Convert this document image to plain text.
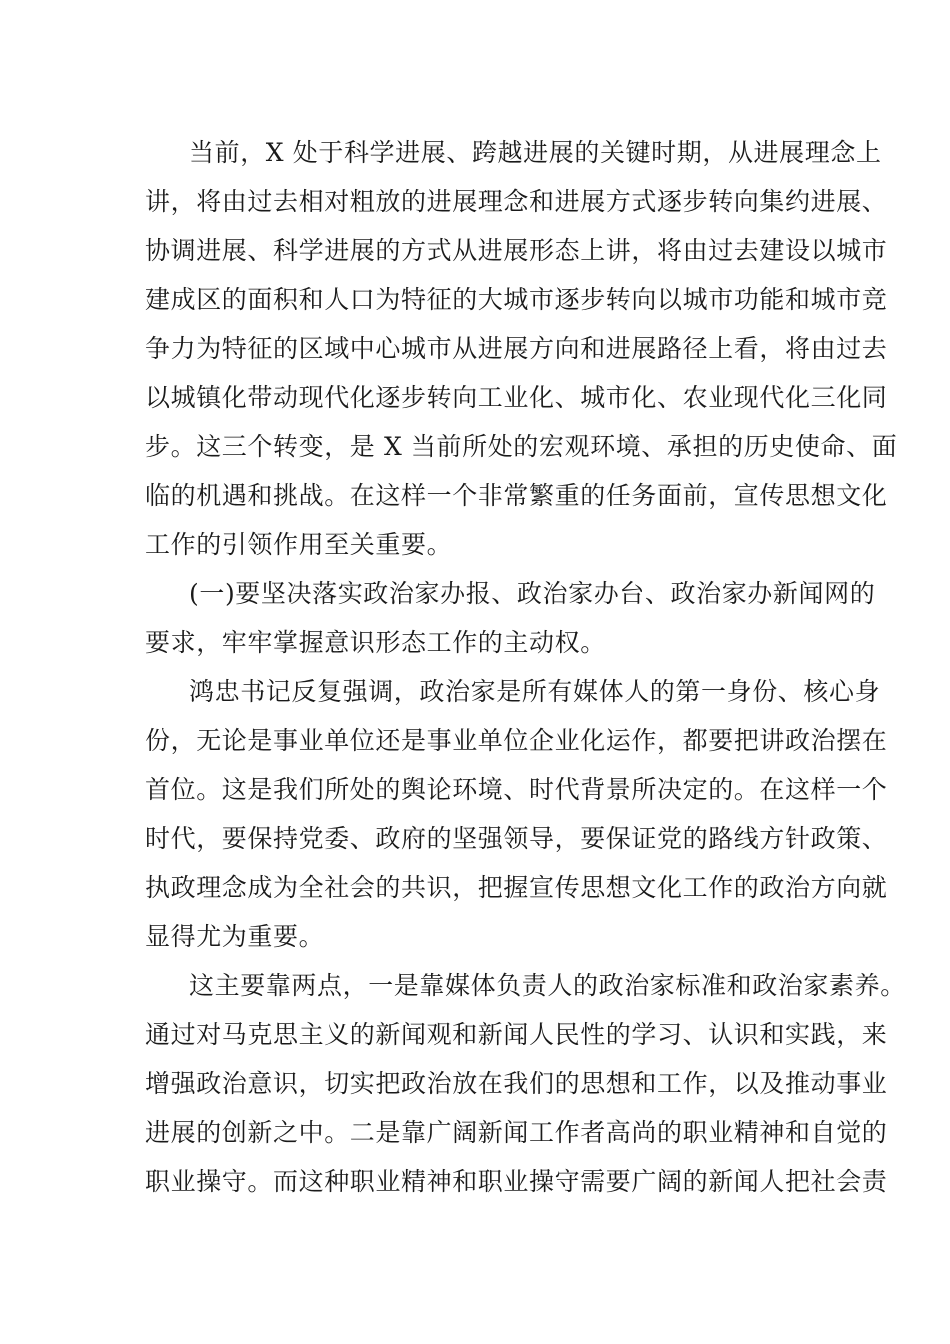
当前，X 处于科学进展、跨越进展的关键时期，从进展理念上
讲，将由过去相对粗放的进展理念和进展方式逐步转向集约进展、
协调进展、科学进展的方式从进展形态上讲，将由过去建设以城市
建成区的面积和人口为特征的大城市逐步转向以城市功能和城市竞
争力为特征的区域中心城市从进展方向和进展路径上看，将由过去
以城镇化带动现代化逐步转向工业化、城市化、农业现代化三化同
步。这三个转变，是 X 当前所处的宏观环境、承担的历史使命、面
临的机遇和挑战。在这样一个非常繁重的任务面前，宣传思想文化
工作的引领作用至关重要。
(一)要坚决落实政治家办报、政治家办台、政治家办新闻网的
要求，牢牢掌握意识形态工作的主动权。
鸿忠书记反复强调，政治家是所有媒体人的第一身份、核心身
份，无论是事业单位还是事业单位企业化运作，都要把讲政治摆在
首位。这是我们所处的舆论环境、时代背景所决定的。在这样一个
时代，要保持党委、政府的坚强领导，要保证党的路线方针政策、
执政理念成为全社会的共识，把握宣传思想文化工作的政治方向就
显得尤为重要。
这主要靠两点，一是靠媒体负责人的政治家标准和政治家素养。
通过对马克思主义的新闻观和新闻人民性的学习、认识和实践，来
增强政治意识，切实把政治放在我们的思想和工作，以及推动事业
进展的创新之中。二是靠广阔新闻工作者高尚的职业精神和自觉的
职业操守。而这种职业精神和职业操守需要广阔的新闻人把社会责
